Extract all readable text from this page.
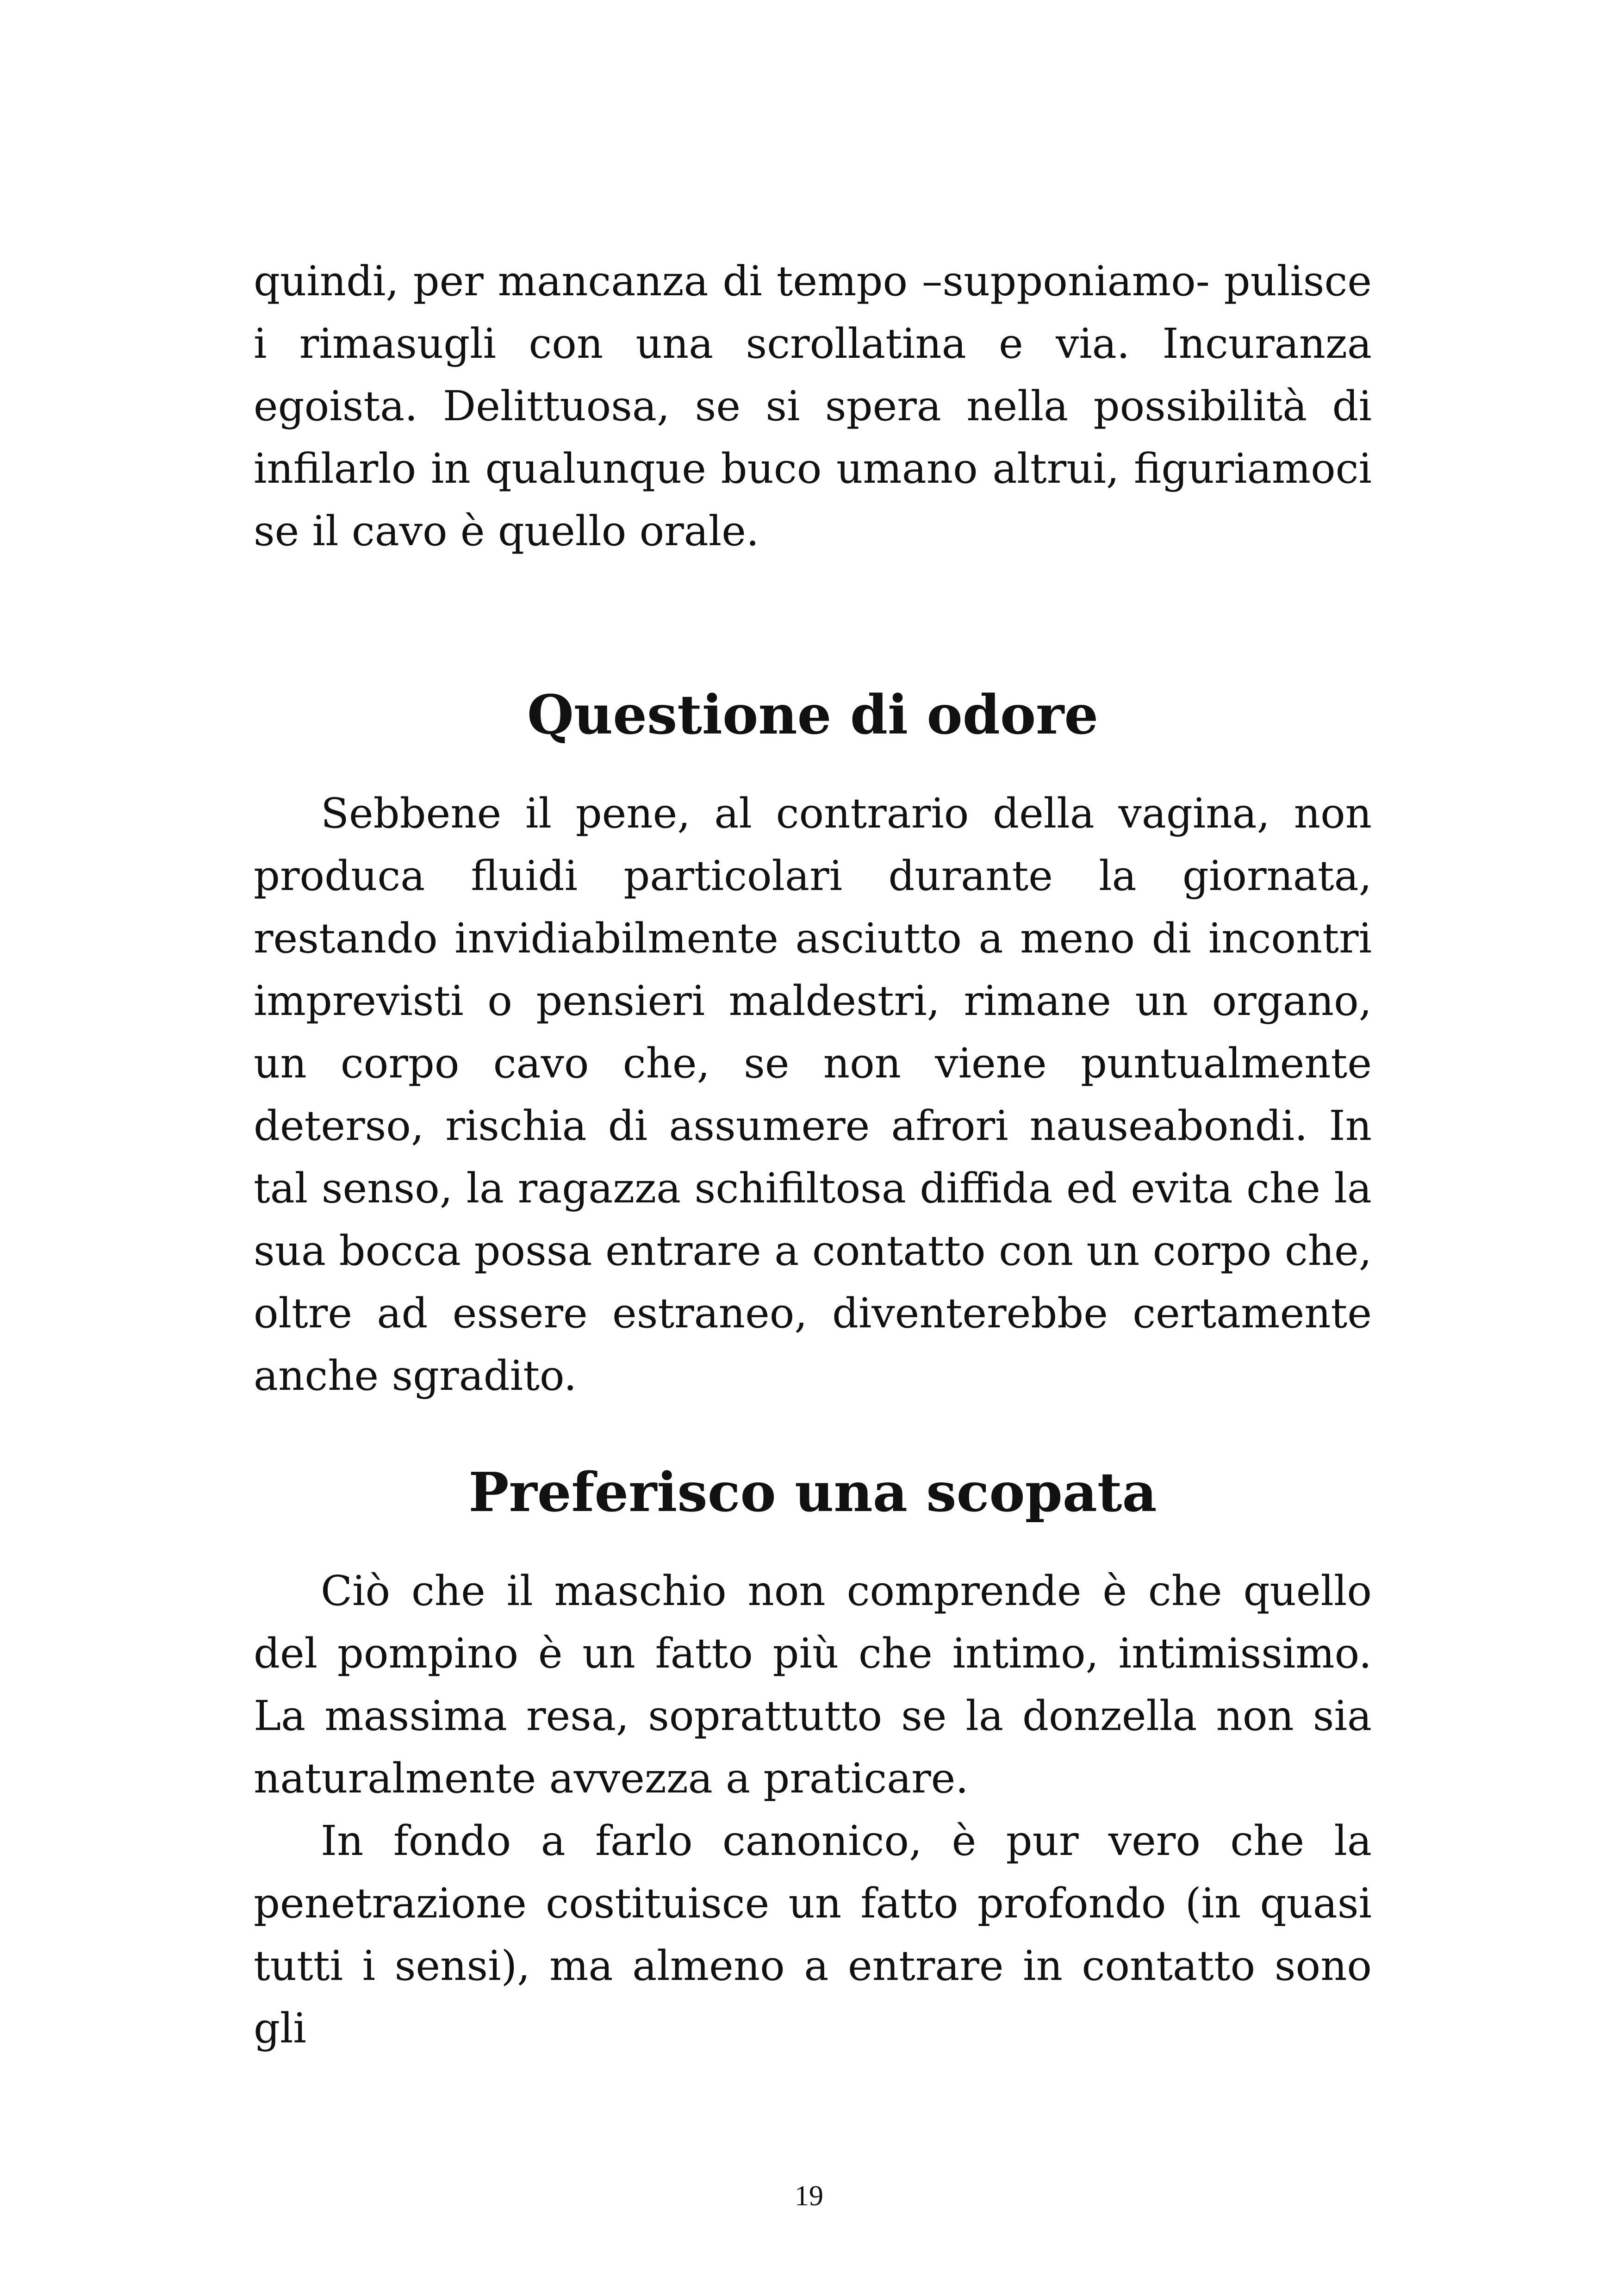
quindi, per mancanza di tempo –supponiamo- pulisce i rimasugli con una scrollatina e via. Incuranza egoista. Delittuosa, se si spera nella possibilità di infilarlo in qualunque buco umano altrui, figuriamoci se il cavo è quello orale.

Questione di odore

Sebbene il pene, al contrario della vagina, non produca fluidi particolari durante la giornata, restando invidiabilmente asciutto a meno di incontri imprevisti o pensieri maldestri, rimane un organo, un corpo cavo che, se non viene puntualmente deterso, rischia di assumere afrori nauseabondi. In tal senso, la ragazza schifiltosa diffida ed evita che la sua bocca possa entrare a contatto con un corpo che, oltre ad essere estraneo, diventerebbe certamente anche sgradito.

Preferisco una scopata

Ciò che il maschio non comprende è che quello del pompino è un fatto più che intimo, intimissimo. La massima resa, soprattutto se la donzella non sia naturalmente avvezza a praticare.

In fondo a farlo canonico, è pur vero che la penetrazione costituisce un fatto profondo (in quasi tutti i sensi), ma almeno a entrare in contatto sono gli

19
